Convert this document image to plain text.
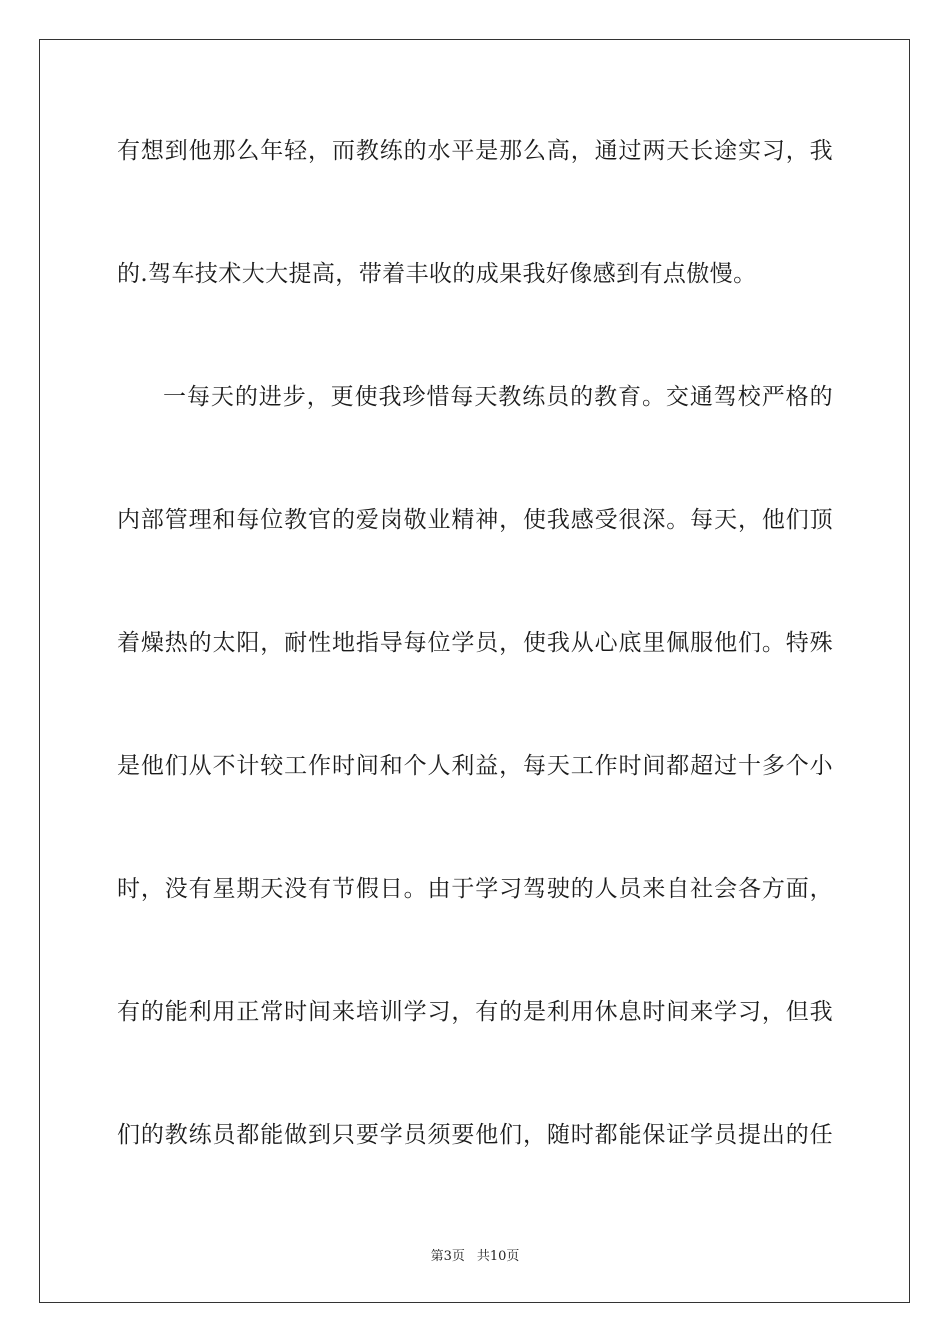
有想到他那么年轻，而教练的水平是那么高，通过两天长途实习，我
的.驾车技术大大提高，带着丰收的成果我好像感到有点傲慢。
一每天的进步，更使我珍惜每天教练员的教育。交通驾校严格的
内部管理和每位教官的爱岗敬业精神，使我感受很深。每天，他们顶
着燥热的太阳，耐性地指导每位学员，使我从心底里佩服他们。特殊
是他们从不计较工作时间和个人利益，每天工作时间都超过十多个小
时，没有星期天没有节假日。由于学习驾驶的人员来自社会各方面，
有的能利用正常时间来培训学习，有的是利用休息时间来学习，但我
们的教练员都能做到只要学员须要他们，随时都能保证学员提出的任
第3页 共10页
